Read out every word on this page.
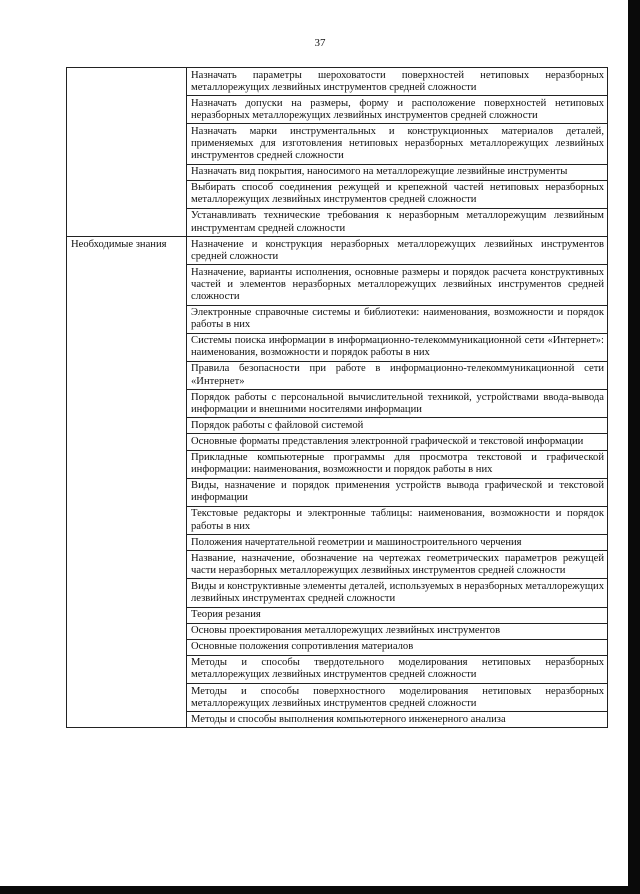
37
	Назначать параметры шероховатости поверхностей нетиповых неразборных металлорежущих лезвийных инструментов средней сложности
	Назначать допуски на размеры, форму и расположение поверхностей нетиповых неразборных металлорежущих лезвийных инструментов средней сложности
	Назначать марки инструментальных и конструкционных материалов деталей, применяемых для изготовления нетиповых неразборных металлорежущих лезвийных инструментов средней сложности
	Назначать вид покрытия, наносимого на металлорежущие лезвийные инструменты
	Выбирать способ соединения режущей и крепежной частей нетиповых неразборных металлорежущих лезвийных инструментов средней сложности
	Устанавливать технические требования к неразборным металлорежущим лезвийным инструментам средней сложности

Необходимые знания	Назначение и конструкция неразборных металлорежущих лезвийных инструментов средней сложности
	Назначение, варианты исполнения, основные размеры и порядок расчета конструктивных частей и элементов неразборных металлорежущих лезвийных инструментов средней сложности
	Электронные справочные системы и библиотеки: наименования, возможности и порядок работы в них
	Системы поиска информации в информационно-телекоммуникационной сети «Интернет»: наименования, возможности и порядок работы в них
	Правила безопасности при работе в информационно-телекоммуникационной сети «Интернет»
	Порядок работы с персональной вычислительной техникой, устройствами ввода-вывода информации и внешними носителями информации
	Порядок работы с файловой системой
	Основные форматы представления электронной графической и текстовой информации
	Прикладные компьютерные программы для просмотра текстовой и графической информации: наименования, возможности и порядок работы в них
	Виды, назначение и порядок применения устройств вывода графической и текстовой информации
	Текстовые редакторы и электронные таблицы: наименования, возможности и порядок работы в них
	Положения начертательной геометрии и машиностроительного черчения
	Название, назначение, обозначение на чертежах геометрических параметров режущей части неразборных металлорежущих лезвийных инструментов средней сложности
	Виды и конструктивные элементы деталей, используемых в неразборных металлорежущих лезвийных инструментах средней сложности
	Теория резания
	Основы проектирования металлорежущих лезвийных инструментов
	Основные положения сопротивления материалов
	Методы и способы твердотельного моделирования нетиповых неразборных металлорежущих лезвийных инструментов средней сложности
	Методы и способы поверхностного моделирования нетиповых неразборных металлорежущих лезвийных инструментов средней сложности
	Методы и способы выполнения компьютерного инженерного анализа
